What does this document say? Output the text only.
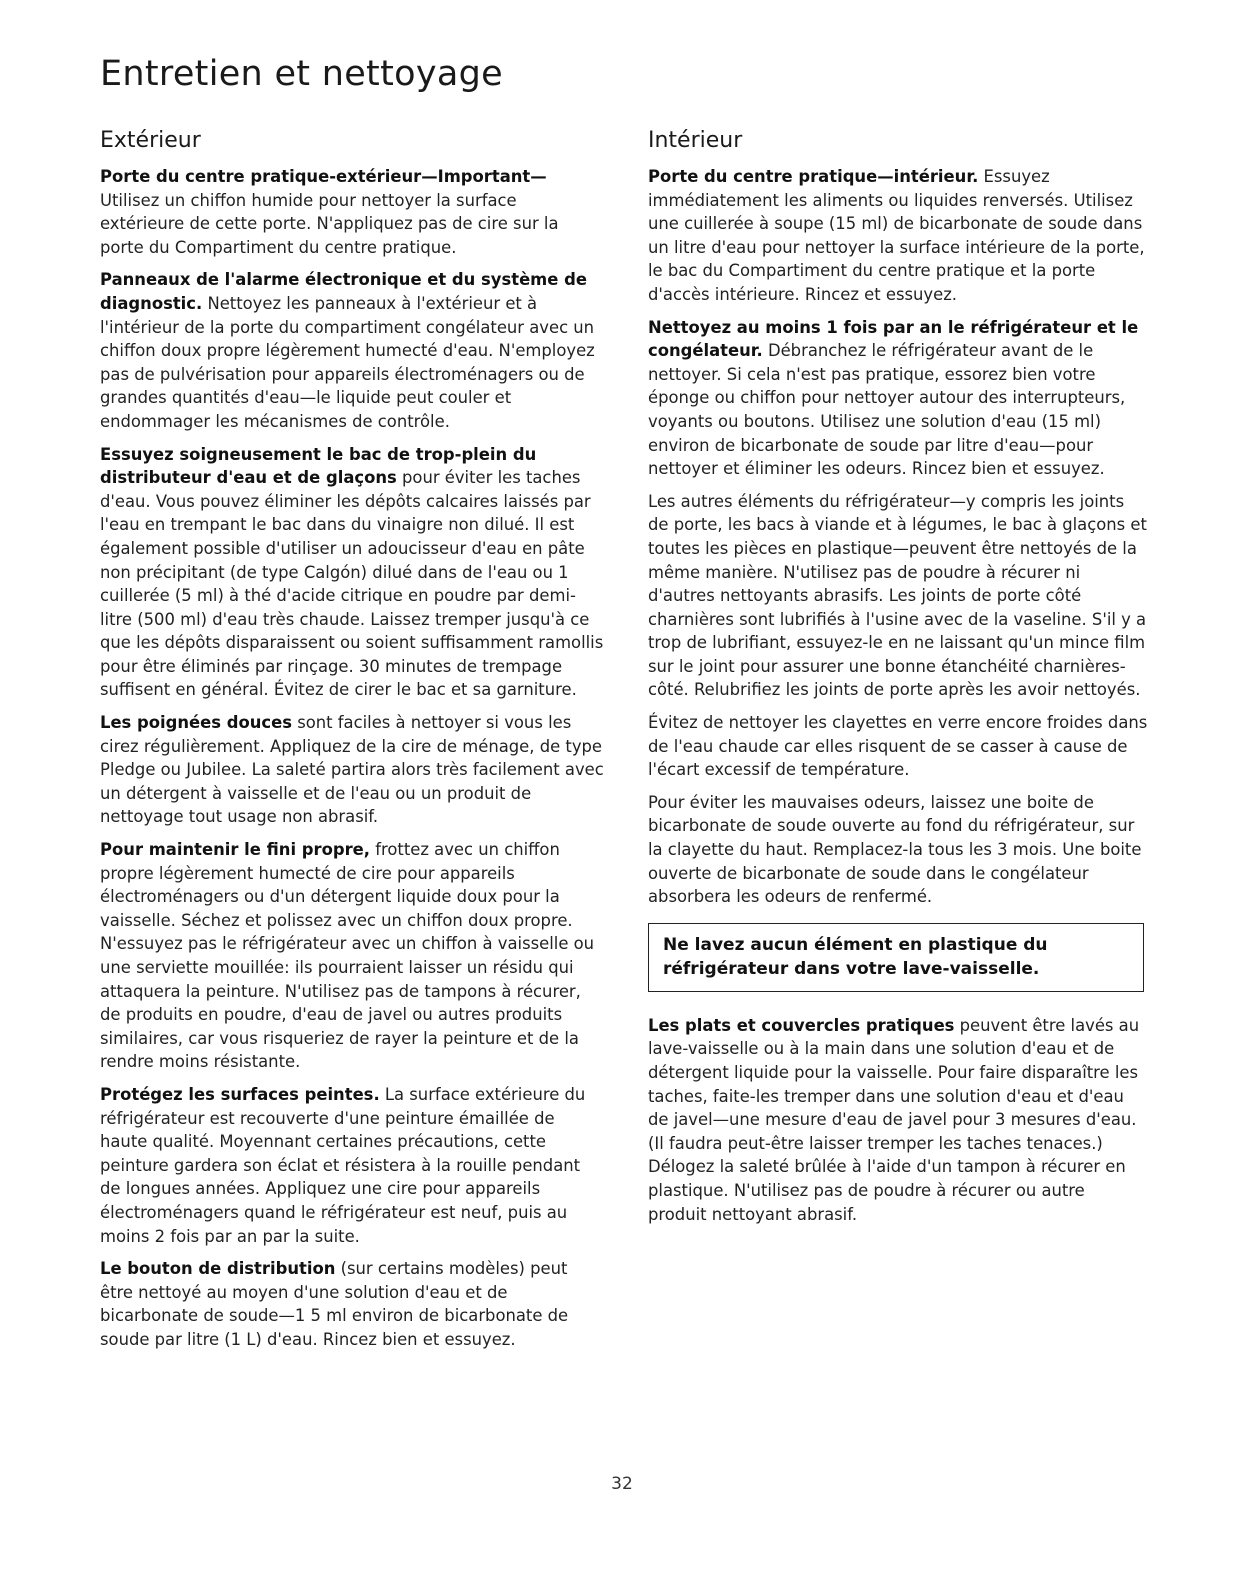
Entretien et nettoyage
Extérieur

Porte du centre pratique-extérieur—Important—Utilisez un chiffon humide pour nettoyer la surface extérieure de cette porte. N'appliquez pas de cire sur la porte du Compartiment du centre pratique.

Panneaux de l'alarme électronique et du système de diagnostic. Nettoyez les panneaux à l'extérieur et à l'intérieur de la porte du compartiment congélateur avec un chiffon doux propre légèrement humecté d'eau. N'employez pas de pulvérisation pour appareils électroménagers ou de grandes quantités d'eau—le liquide peut couler et endommager les mécanismes de contrôle.

Essuyez soigneusement le bac de trop-plein du distributeur d'eau et de glaçons pour éviter les taches d'eau. Vous pouvez éliminer les dépôts calcaires laissés par l'eau en trempant le bac dans du vinaigre non dilué. Il est également possible d'utiliser un adoucisseur d'eau en pâte non précipitant (de type Calgón) dilué dans de l'eau ou 1 cuillerée (5 ml) à thé d'acide citrique en poudre par demi-litre (500 ml) d'eau très chaude. Laissez tremper jusqu'à ce que les dépôts disparaissent ou soient suffisamment ramollis pour être éliminés par rinçage. 30 minutes de trempage suffisent en général. Évitez de cirer le bac et sa garniture.

Les poignées douces sont faciles à nettoyer si vous les cirez régulièrement. Appliquez de la cire de ménage, de type Pledge ou Jubilee. La saleté partira alors très facilement avec un détergent à vaisselle et de l'eau ou un produit de nettoyage tout usage non abrasif.

Pour maintenir le fini propre, frottez avec un chiffon propre légèrement humecté de cire pour appareils électroménagers ou d'un détergent liquide doux pour la vaisselle. Séchez et polissez avec un chiffon doux propre. N'essuyez pas le réfrigérateur avec un chiffon à vaisselle ou une serviette mouillée: ils pourraient laisser un résidu qui attaquera la peinture. N'utilisez pas de tampons à récurer, de produits en poudre, d'eau de javel ou autres produits similaires, car vous risqueriez de rayer la peinture et de la rendre moins résistante.

Protégez les surfaces peintes. La surface extérieure du réfrigérateur est recouverte d'une peinture émaillée de haute qualité. Moyennant certaines précautions, cette peinture gardera son éclat et résistera à la rouille pendant de longues années. Appliquez une cire pour appareils électroménagers quand le réfrigérateur est neuf, puis au moins 2 fois par an par la suite.

Le bouton de distribution (sur certains modèles) peut être nettoyé au moyen d'une solution d'eau et de bicarbonate de soude—1 5 ml environ de bicarbonate de soude par litre (1 L) d'eau. Rincez bien et essuyez.

Intérieur

Porte du centre pratique—intérieur. Essuyez immédiatement les aliments ou liquides renversés. Utilisez une cuillerée à soupe (15 ml) de bicarbonate de soude dans un litre d'eau pour nettoyer la surface intérieure de la porte, le bac du Compartiment du centre pratique et la porte d'accès intérieure. Rincez et essuyez.

Nettoyez au moins 1 fois par an le réfrigérateur et le congélateur. Débranchez le réfrigérateur avant de le nettoyer. Si cela n'est pas pratique, essorez bien votre éponge ou chiffon pour nettoyer autour des interrupteurs, voyants ou boutons. Utilisez une solution d'eau (15 ml) environ de bicarbonate de soude par litre d'eau—pour nettoyer et éliminer les odeurs. Rincez bien et essuyez.

Les autres éléments du réfrigérateur—y compris les joints de porte, les bacs à viande et à légumes, le bac à glaçons et toutes les pièces en plastique—peuvent être nettoyés de la même manière. N'utilisez pas de poudre à récurer ni d'autres nettoyants abrasifs. Les joints de porte côté charnières sont lubrifiés à l'usine avec de la vaseline. S'il y a trop de lubrifiant, essuyez-le en ne laissant qu'un mince film sur le joint pour assurer une bonne étanchéité charnières-côté. Relubrifiez les joints de porte après les avoir nettoyés.

Évitez de nettoyer les clayettes en verre encore froides dans de l'eau chaude car elles risquent de se casser à cause de l'écart excessif de température.

Pour éviter les mauvaises odeurs, laissez une boite de bicarbonate de soude ouverte au fond du réfrigérateur, sur la clayette du haut. Remplacez-la tous les 3 mois. Une boite ouverte de bicarbonate de soude dans le congélateur absorbera les odeurs de renfermé.

Ne lavez aucun élément en plastique du réfrigérateur dans votre lave-vaisselle.

Les plats et couvercles pratiques peuvent être lavés au lave-vaisselle ou à la main dans une solution d'eau et de détergent liquide pour la vaisselle. Pour faire disparaître les taches, faite-les tremper dans une solution d'eau et d'eau de javel—une mesure d'eau de javel pour 3 mesures d'eau. (Il faudra peut-être laisser tremper les taches tenaces.) Délogez la saleté brûlée à l'aide d'un tampon à récurer en plastique. N'utilisez pas de poudre à récurer ou autre produit nettoyant abrasif.

32
